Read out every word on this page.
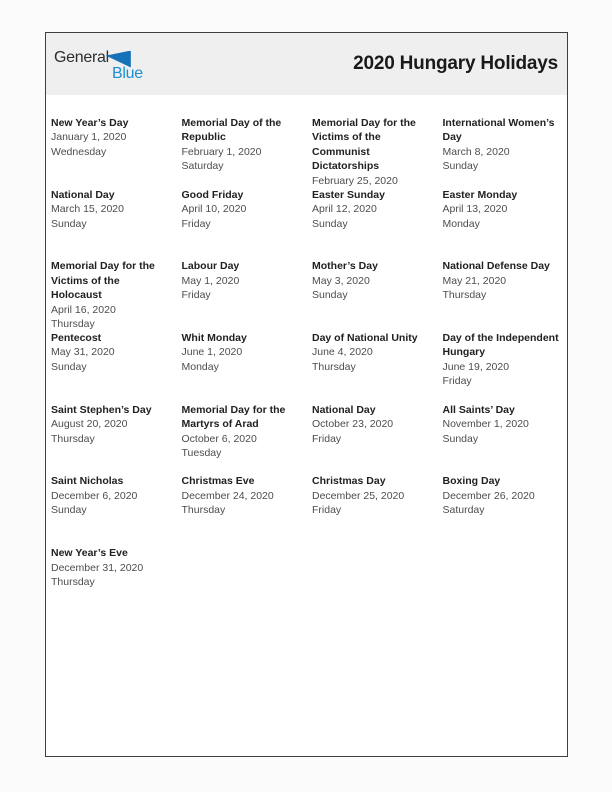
General
Blue	2020 Hungary Holidays
New Year’s Day
January 1, 2020
Wednesday
Memorial Day of the Republic
February 1, 2020
Saturday
Memorial Day for the Victims of the Communist Dictatorships
February 25, 2020
International Women’s Day
March 8, 2020
Sunday
National Day
March 15, 2020
Sunday
Good Friday
April 10, 2020
Friday
Easter Sunday
April 12, 2020
Sunday
Easter Monday
April 13, 2020
Monday
Memorial Day for the Victims of the Holocaust
April 16, 2020
Thursday
Labour Day
May 1, 2020
Friday
Mother’s Day
May 3, 2020
Sunday
National Defense Day
May 21, 2020
Thursday
Pentecost
May 31, 2020
Sunday
Whit Monday
June 1, 2020
Monday
Day of National Unity
June 4, 2020
Thursday
Day of the Independent Hungary
June 19, 2020
Friday
Saint Stephen’s Day
August 20, 2020
Thursday
Memorial Day for the Martyrs of Arad
October 6, 2020
Tuesday
National Day
October 23, 2020
Friday
All Saints’ Day
November 1, 2020
Sunday
Saint Nicholas
December 6, 2020
Sunday
Christmas Eve
December 24, 2020
Thursday
Christmas Day
December 25, 2020
Friday
Boxing Day
December 26, 2020
Saturday
New Year’s Eve
December 31, 2020
Thursday
